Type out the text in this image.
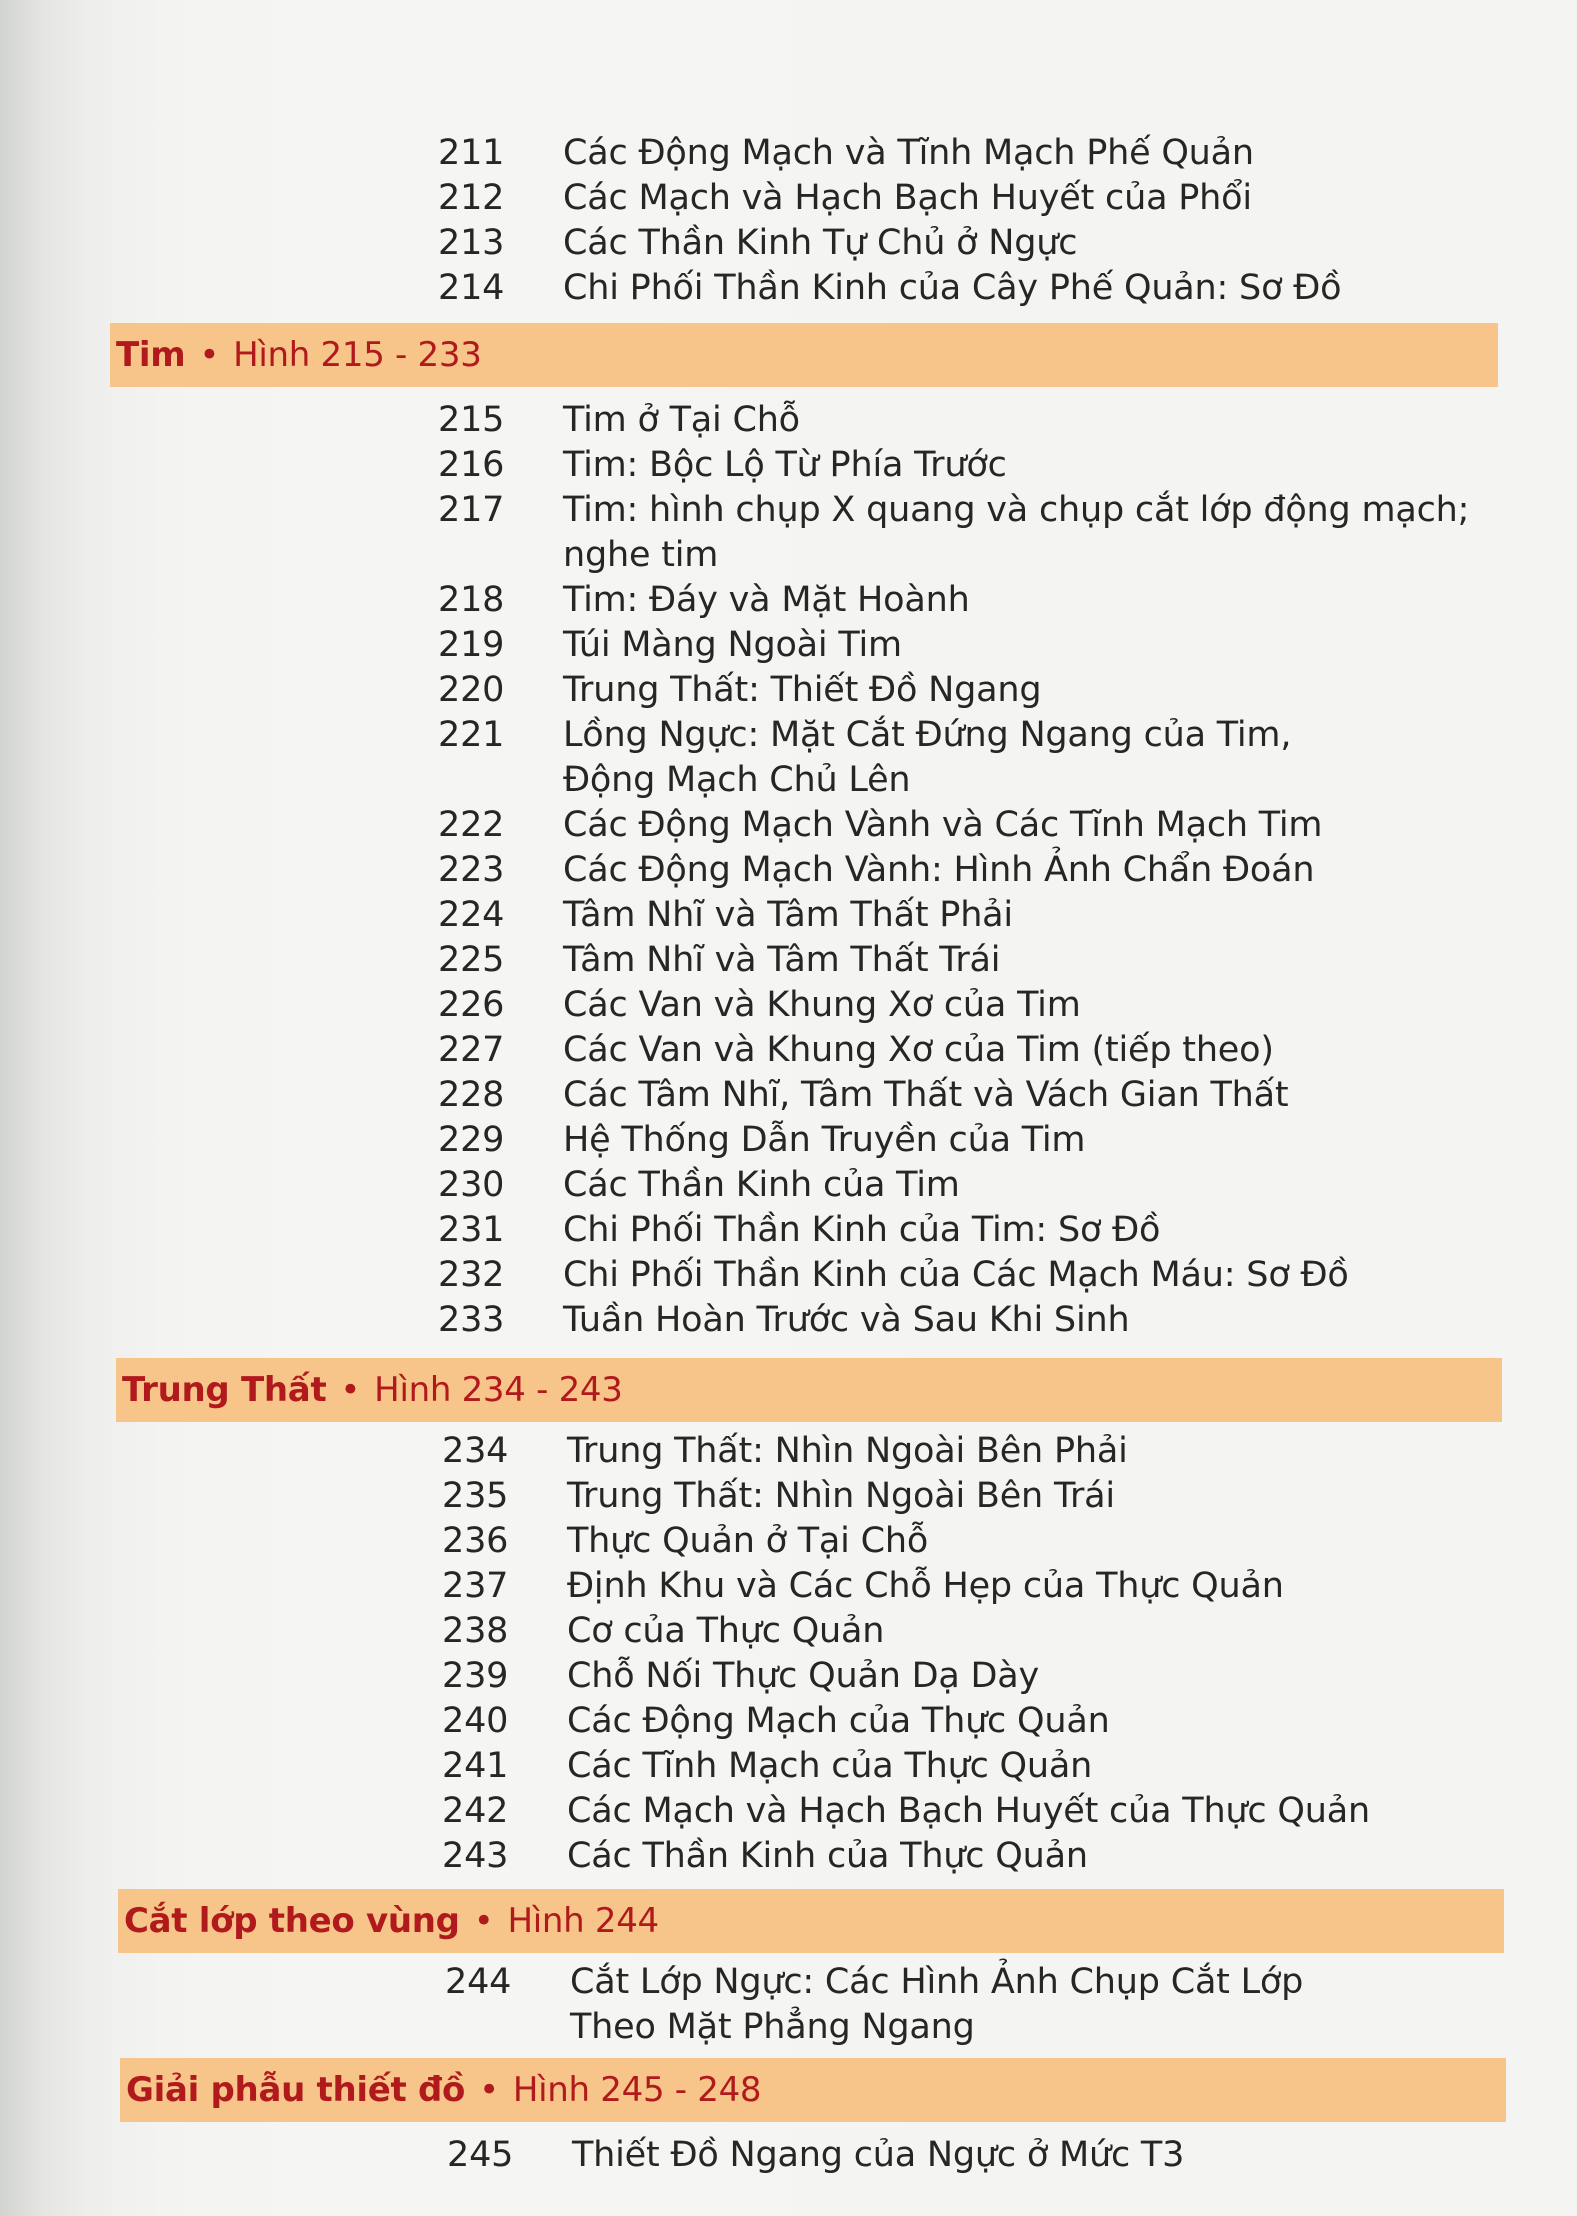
211	Các Động Mạch và Tĩnh Mạch Phế Quản
212	Các Mạch và Hạch Bạch Huyết của Phổi
213	Các Thần Kinh Tự Chủ ở Ngực
214	Chi Phối Thần Kinh của Cây Phế Quản: Sơ Đồ
Tim • Hình 215 - 233
215	Tim ở Tại Chỗ
216	Tim: Bộc Lộ Từ Phía Trước
217	Tim: hình chụp X quang và chụp cắt lớp động mạch;
nghe tim
218	Tim: Đáy và Mặt Hoành
219	Túi Màng Ngoài Tim
220	Trung Thất: Thiết Đồ Ngang
221	Lồng Ngực: Mặt Cắt Đứng Ngang của Tim,
Động Mạch Chủ Lên
222	Các Động Mạch Vành và Các Tĩnh Mạch Tim
223	Các Động Mạch Vành: Hình Ảnh Chẩn Đoán
224	Tâm Nhĩ và Tâm Thất Phải
225	Tâm Nhĩ và Tâm Thất Trái
226	Các Van và Khung Xơ của Tim
227	Các Van và Khung Xơ của Tim (tiếp theo)
228	Các Tâm Nhĩ, Tâm Thất và Vách Gian Thất
229	Hệ Thống Dẫn Truyền của Tim
230	Các Thần Kinh của Tim
231	Chi Phối Thần Kinh của Tim: Sơ Đồ
232	Chi Phối Thần Kinh của Các Mạch Máu: Sơ Đồ
233	Tuần Hoàn Trước và Sau Khi Sinh
Trung Thất • Hình 234 - 243
234	Trung Thất: Nhìn Ngoài Bên Phải
235	Trung Thất: Nhìn Ngoài Bên Trái
236	Thực Quản ở Tại Chỗ
237	Định Khu và Các Chỗ Hẹp của Thực Quản
238	Cơ của Thực Quản
239	Chỗ Nối Thực Quản Dạ Dày
240	Các Động Mạch của Thực Quản
241	Các Tĩnh Mạch của Thực Quản
242	Các Mạch và Hạch Bạch Huyết của Thực Quản
243	Các Thần Kinh của Thực Quản
Cắt lớp theo vùng • Hình 244
244	Cắt Lớp Ngực: Các Hình Ảnh Chụp Cắt Lớp
Theo Mặt Phẳng Ngang
Giải phẫu thiết đồ • Hình 245 - 248
245	Thiết Đồ Ngang của Ngực ở Mức T3
